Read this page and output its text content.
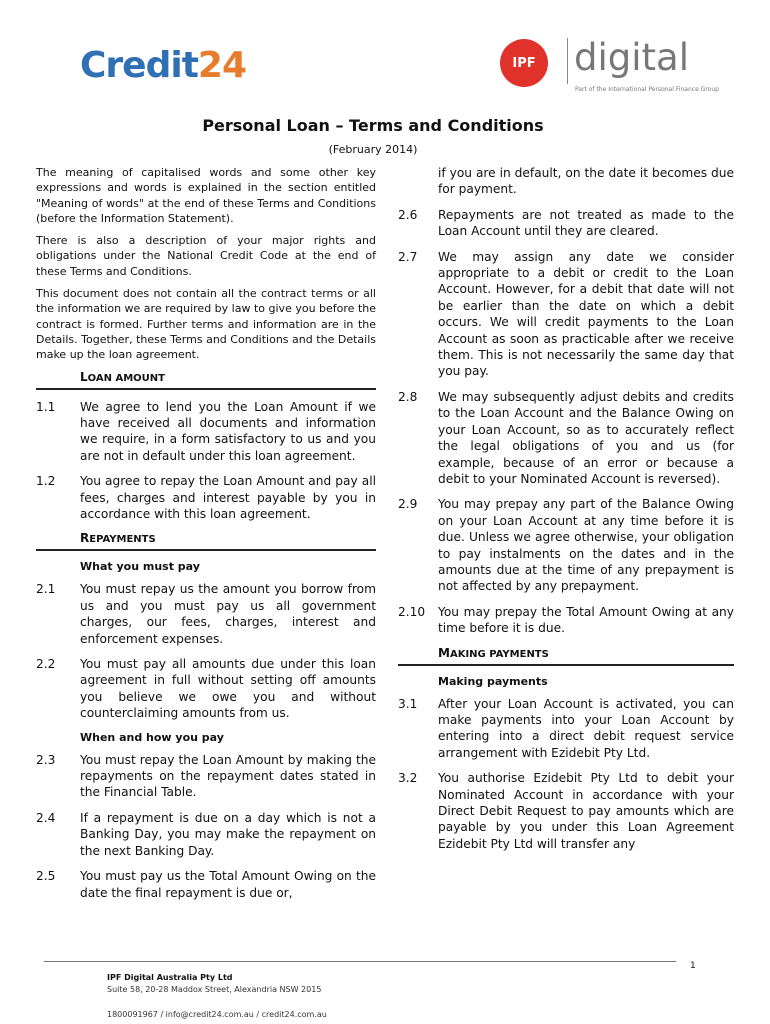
Credit24	IPF	digital
Part of the International Personal Finance Group
Personal Loan – Terms and Conditions
(February 2014)

The meaning of capitalised words and some other key expressions and words is explained in the section entitled "Meaning of words" at the end of these Terms and Conditions (before the Information Statement).

There is also a description of your major rights and obligations under the National Credit Code at the end of these Terms and Conditions.

This document does not contain all the contract terms or all the information we are required by law to give you before the contract is formed. Further terms and information are in the Details. Together, these Terms and Conditions and the Details make up the loan agreement.

LOAN AMOUNT
1.1	We agree to lend you the Loan Amount if we have received all documents and information we require, in a form satisfactory to us and you are not in default under this loan agreement.
1.2	You agree to repay the Loan Amount and pay all fees, charges and interest payable by you in accordance with this loan agreement.
REPAYMENTS
What you must pay
2.1	You must repay us the amount you borrow from us and you must pay us all government charges, our fees, charges, interest and enforcement expenses.
2.2	You must pay all amounts due under this loan agreement in full without setting off amounts you believe we owe you and without counterclaiming amounts from us.
When and how you pay
2.3	You must repay the Loan Amount by making the repayments on the repayment dates stated in the Financial Table.
2.4	If a repayment is due on a day which is not a Banking Day, you may make the repayment on the next Banking Day.
2.5	You must pay us the Total Amount Owing on the date the final repayment is due or,
if you are in default, on the date it becomes due for payment.
2.6	Repayments are not treated as made to the Loan Account until they are cleared.
2.7	We may assign any date we consider appropriate to a debit or credit to the Loan Account. However, for a debit that date will not be earlier than the date on which a debit occurs. We will credit payments to the Loan Account as soon as practicable after we receive them. This is not necessarily the same day that you pay.
2.8	We may subsequently adjust debits and credits to the Loan Account and the Balance Owing on your Loan Account, so as to accurately reflect the legal obligations of you and us (for example, because of an error or because a debit to your Nominated Account is reversed).
2.9	You may prepay any part of the Balance Owing on your Loan Account at any time before it is due. Unless we agree otherwise, your obligation to pay instalments on the dates and in the amounts due at the time of any prepayment is not affected by any prepayment.
2.10	You may prepay the Total Amount Owing at any time before it is due.
MAKING PAYMENTS
Making payments
3.1	After your Loan Account is activated, you can make payments into your Loan Account by entering into a direct debit request service arrangement with Ezidebit Pty Ltd.
3.2	You authorise Ezidebit Pty Ltd to debit your Nominated Account in accordance with your Direct Debit Request to pay amounts which are payable by you under this Loan Agreement Ezidebit Pty Ltd will transfer any
1
IPF Digital Australia Pty Ltd
Suite 58, 20-28 Maddox Street, Alexandria NSW 2015
1800091967 / info@credit24.com.au / credit24.com.au
